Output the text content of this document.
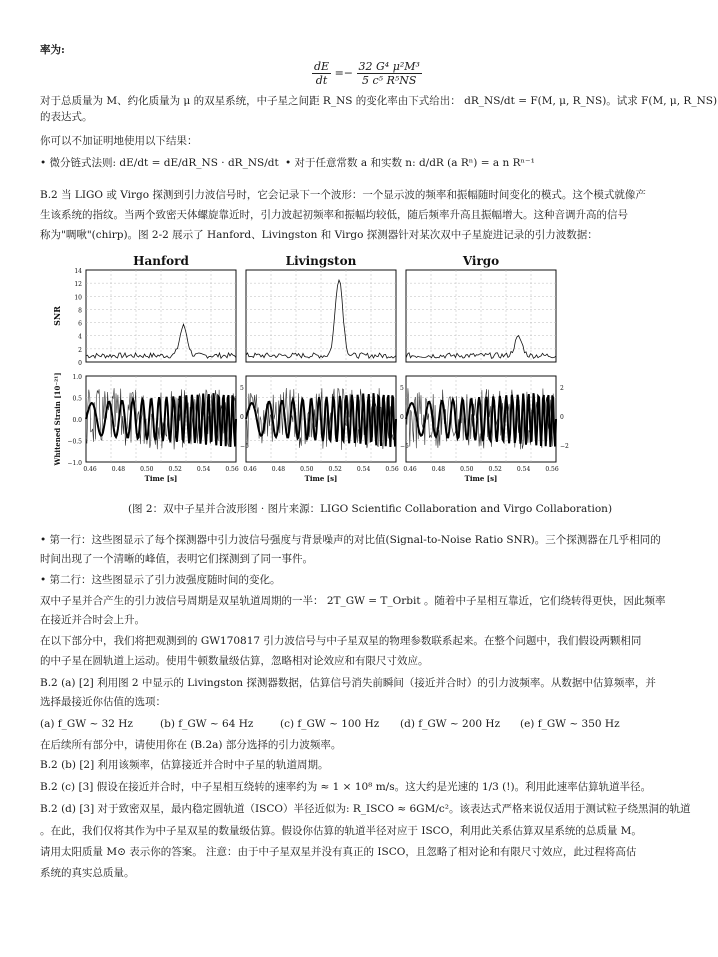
率为:
$\frac{dE}{dt} =- \frac{\text{32 G⁴ μ²M³}}{\text{5 c⁵ R⁵NS}}$
对于总质量为 M、约化质量为 μ 的双星系统，中子星之间距 R_NS 的变化率由下式给出： dR_NS/dt = F(M, μ, R_NS)。试求 F(M, μ, R_NS)
的表达式。
你可以不加证明地使用以下结果：
• 微分链式法则: dE/dt = dE/dR_NS · dR_NS/dt • 对于任意常数 a 和实数 n: d/dR (a Rⁿ) = a n Rⁿ⁻¹
B.2 当 LIGO 或 Virgo 探测到引力波信号时，它会记录下一个波形：一个显示波的频率和振幅随时间变化的模式。这个模式就像产
生该系统的指纹。当两个致密天体螺旋靠近时，引力波起初频率和振幅均较低，随后频率升高且振幅增大。这种音调升高的信号
称为"啁啾"(chirp)。图 2-2 展示了 Hanford、Livingston 和 Virgo 探测器针对某次双中子星旋进记录的引力波数据：
Hanford
0.46	0.48	0.50	0.52	0.54	0.56
Time [s]
5
0
−5
Livingston
0.46	0.48	0.50	0.52	0.54	0.56
Time [s]
5
0
−5
Virgo
0.46	0.48	0.50	0.52	0.54	0.56
Time [s]
2
0
−2
14
12
10
8
6
4
2
0
1.0
0.5
0.0
−0.5
−1.0
SNR
Whitened Strain [10⁻²¹]
(图 2：双中子星并合波形图 · 图片来源：LIGO Scientific Collaboration and Virgo Collaboration)
• 第一行：这些图显示了每个探测器中引力波信号强度与背景噪声的对比值(Signal-to-Noise Ratio SNR)。三个探测器在几乎相同的
时间出现了一个清晰的峰值，表明它们探测到了同一事件。
• 第二行：这些图显示了引力波强度随时间的变化。
双中子星并合产生的引力波信号周期是双星轨道周期的一半： 2T_GW = T_Orbit 。随着中子星相互靠近，它们绕转得更快，因此频率
在接近并合时会上升。
在以下部分中，我们将把观测到的 GW170817 引力波信号与中子星双星的物理参数联系起来。在整个问题中，我们假设两颗相同
的中子星在圆轨道上运动。使用牛顿数量级估算，忽略相对论效应和有限尺寸效应。
B.2 (a) [2] 利用图 2 中显示的 Livingston 探测器数据，估算信号消失前瞬间（接近并合时）的引力波频率。从数据中估算频率，并
选择最接近你估值的选项：
(a) f_GW ~ 32 Hz	(b) f_GW ~ 64 Hz	(c) f_GW ~ 100 Hz	(d) f_GW ~ 200 Hz	(e) f_GW ~ 350 Hz
在后续所有部分中，请使用你在 (B.2a) 部分选择的引力波频率。
B.2 (b) [2] 利用该频率，估算接近并合时中子星的轨道周期。
B.2 (c) [3] 假设在接近并合时，中子星相互绕转的速率约为 ≈ 1 × 10⁸ m/s。这大约是光速的 1/3 (!)。利用此速率估算轨道半径。
B.2 (d) [3] 对于致密双星，最内稳定圆轨道（ISCO）半径近似为: R_ISCO ≈ 6GM/c²。该表达式严格来说仅适用于测试粒子绕黑洞的轨道
。在此，我们仅将其作为中子星双星的数量级估算。假设你估算的轨道半径对应于 ISCO，利用此关系估算双星系统的总质量 M。
请用太阳质量 M⊙ 表示你的答案。 注意：由于中子星双星并没有真正的 ISCO，且忽略了相对论和有限尺寸效应，此过程将高估
系统的真实总质量。
